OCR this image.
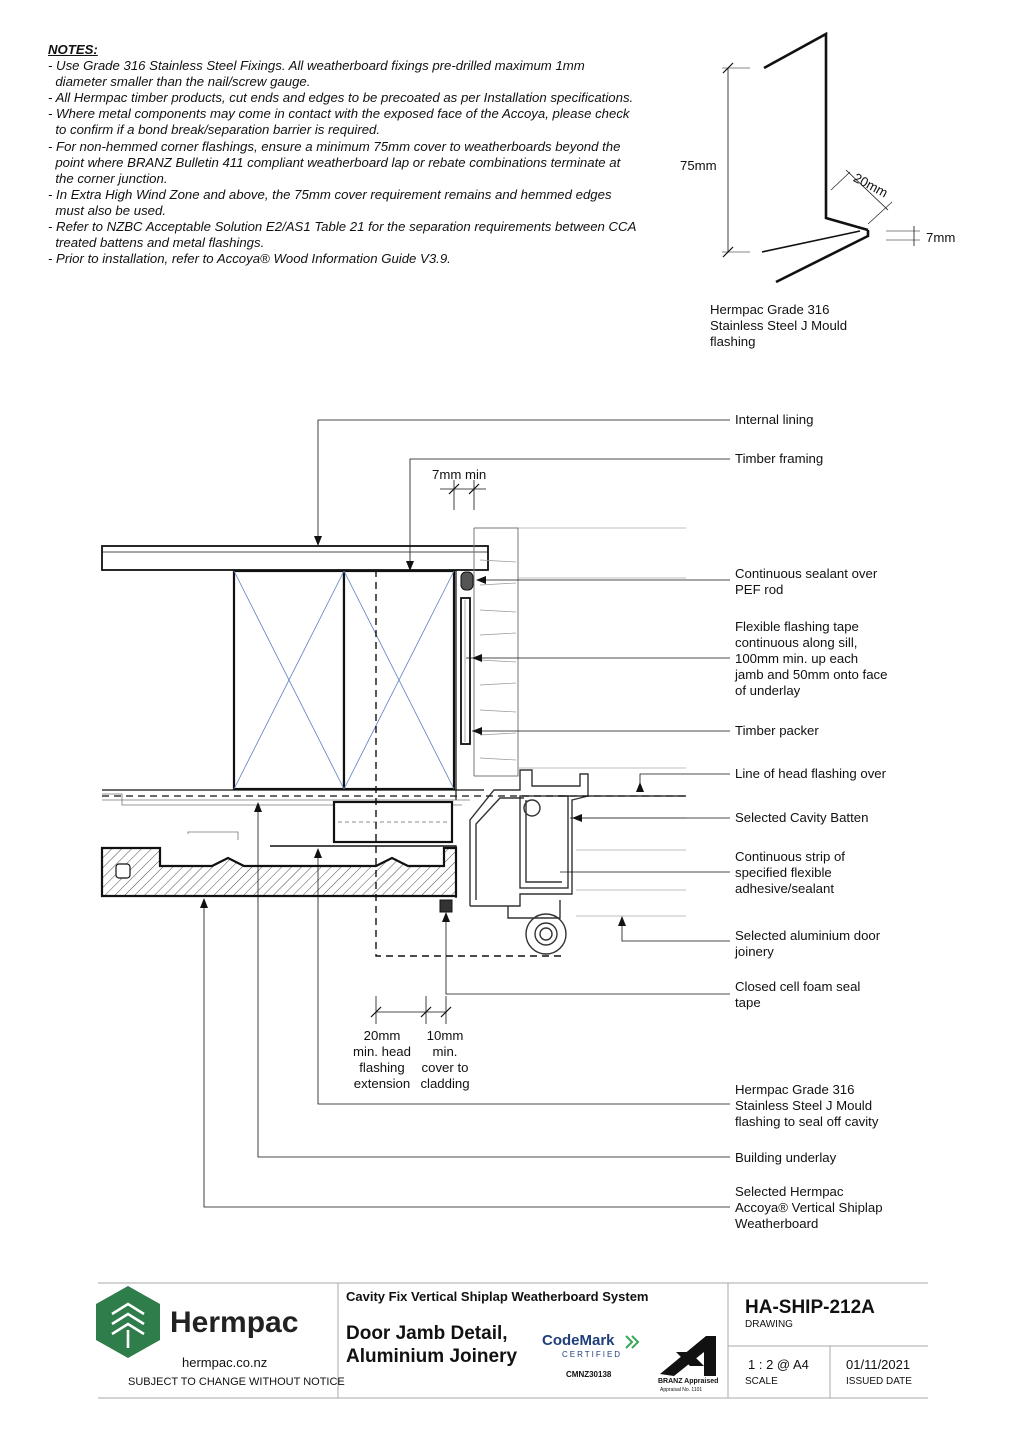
NOTES:
- Use Grade 316 Stainless Steel Fixings. All weatherboard fixings pre-drilled maximum 1mm
diameter smaller than the nail/screw gauge.
- All Hermpac timber products, cut ends and edges to be precoated as per Installation specifications.
- Where metal components may come in contact with the exposed face of the Accoya, please check
to confirm if a bond break/separation barrier is required.
- For non-hemmed corner flashings, ensure a minimum 75mm cover to weatherboards beyond the
point where BRANZ Bulletin 411 compliant weatherboard lap or rebate combinations terminate at
the corner junction.
- In Extra High Wind Zone and above, the 75mm cover requirement remains and hemmed edges
must also be used.
- Refer to NZBC Acceptable Solution E2/AS1 Table 21 for the separation requirements between CCA
treated battens and metal flashings.
- Prior to installation, refer to Accoya® Wood Information Guide V3.9.
75mm
20mm
7mm
Hermpac Grade 316
Stainless Steel J Mould
flashing
7mm min
20mm
min. head
flashing
extension
10mm
min.
cover to
cladding
Internal lining
Timber framing
Continuous sealant over
PEF rod
Flexible flashing tape
continuous along sill,
100mm min. up each
jamb and 50mm onto face
of underlay
Timber packer
Line of head flashing over
Selected Cavity Batten
Continuous strip of
specified flexible
adhesive/sealant
Selected aluminium door
joinery
Closed cell foam seal
tape
Hermpac Grade 316
Stainless Steel J Mould
flashing to seal off cavity
Building underlay
Selected Hermpac
Accoya® Vertical Shiplap
Weatherboard
Hermpac
hermpac.co.nz
SUBJECT TO CHANGE WITHOUT NOTICE
Cavity Fix Vertical Shiplap Weatherboard System
Door Jamb Detail,
Aluminium Joinery
CodeMark
CERTIFIED
CMNZ30138
BRANZ Appraised
Appraisal No. 1101
HA-SHIP-212A
DRAWING
1 : 2 @ A4
SCALE
01/11/2021
ISSUED DATE
